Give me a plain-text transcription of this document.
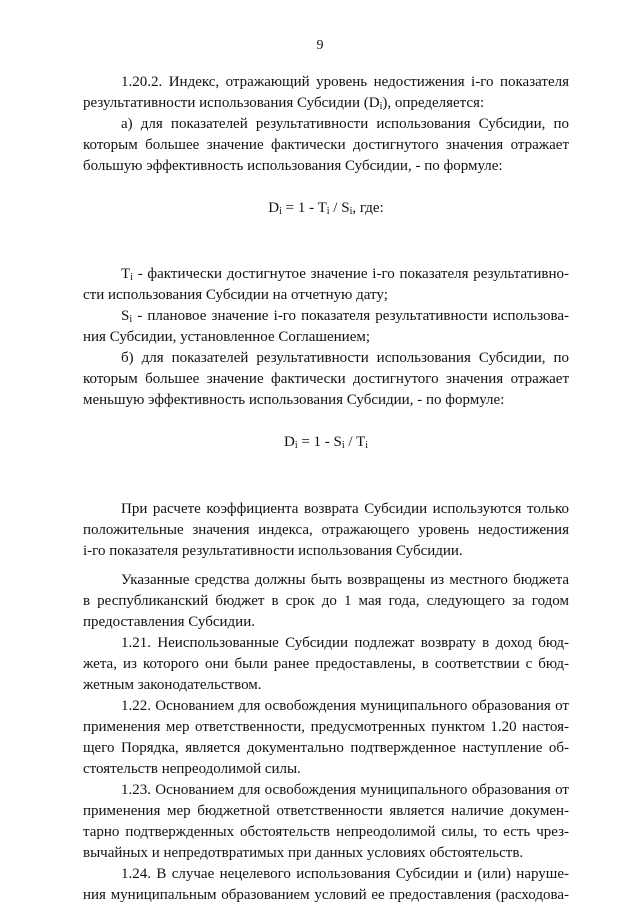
9

1.20.2. Индекс, отражающий уровень недостижения i-го показателя
результативности использования Субсидии $(D_i)$, определяется:

а) для показателей результативности использования Субсидии, по
которым большее значение фактически достигнутого значения отражает
большую эффективность использования Субсидии, - по формуле:

$D_i = 1 - T_i / S_i$, где:

$T_i$ - фактически достигнутое значение i-го показателя результативно-
сти использования Субсидии на отчетную дату;

$S_i$ - плановое значение i-го показателя результативности использова-
ния Субсидии, установленное Соглашением;

б) для показателей результативности использования Субсидии, по
которым большее значение фактически достигнутого значения отражает
меньшую эффективность использования Субсидии, - по формуле:

$D_i = 1 - S_i / T_i$

При расчете коэффициента возврата Субсидии используются только
положительные значения индекса, отражающего уровень недостижения
i-го показателя результативности использования Субсидии.

Указанные средства должны быть возвращены из местного бюджета
в республиканский бюджет в срок до 1 мая года, следующего за годом
предоставления Субсидии.

1.21. Неиспользованные Субсидии подлежат возврату в доход бюд-
жета, из которого они были ранее предоставлены, в соответствии с бюд-
жетным законодательством.

1.22. Основанием для освобождения муниципального образования от
применения мер ответственности, предусмотренных пунктом 1.20 настоя-
щего Порядка, является документально подтвержденное наступление об-
стоятельств непреодолимой силы.

1.23. Основанием для освобождения муниципального образования от
применения мер бюджетной ответственности является наличие докумен-
тарно подтвержденных обстоятельств непреодолимой силы, то есть чрез-
вычайных и непредотвратимых при данных условиях обстоятельств.

1.24. В случае нецелевого использования Субсидии и (или) наруше-
ния муниципальным образованием условий ее предоставления (расходова-
